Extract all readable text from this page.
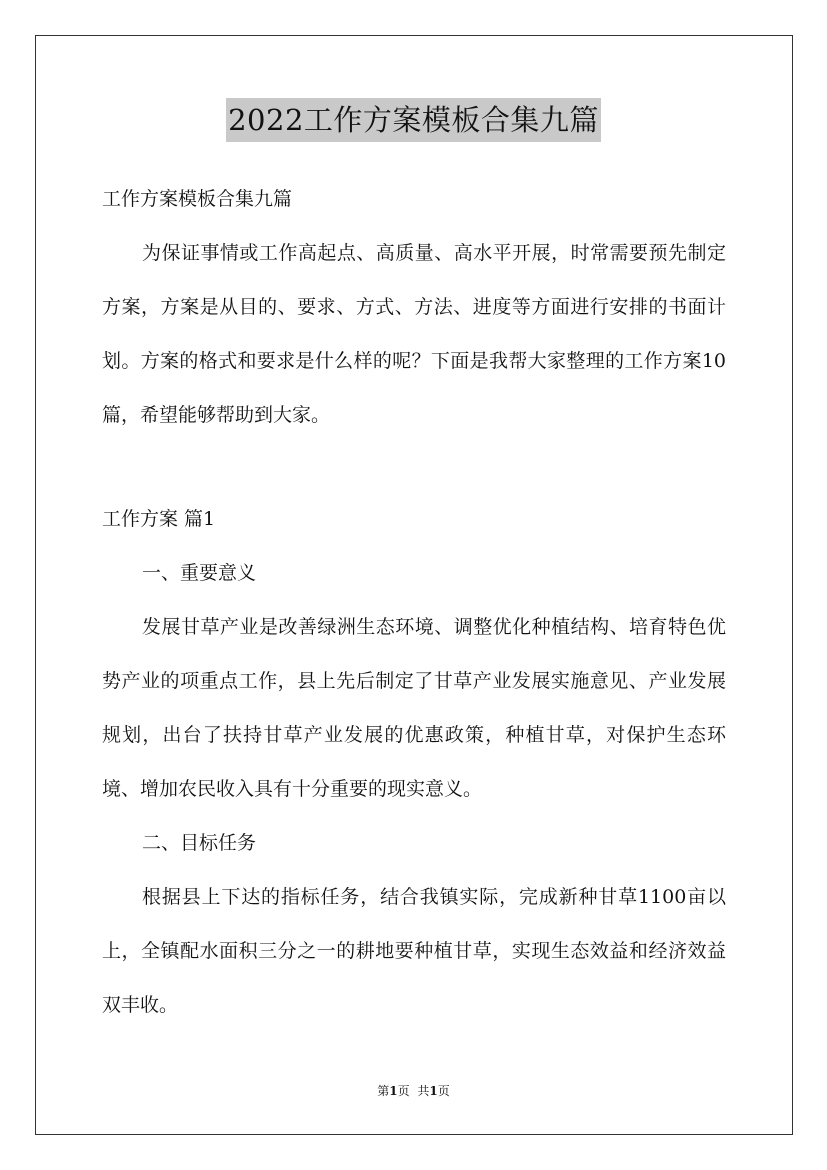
2022工作方案模板合集九篇

工作方案模板合集九篇

为保证事情或工作高起点、高质量、高水平开展，时常需要预先制定方案，方案是从目的、要求、方式、方法、进度等方面进行安排的书面计划。方案的格式和要求是什么样的呢？下面是我帮大家整理的工作方案10篇，希望能够帮助到大家。

工作方案 篇1

一、重要意义

发展甘草产业是改善绿洲生态环境、调整优化种植结构、培育特色优势产业的项重点工作，县上先后制定了甘草产业发展实施意见、产业发展规划，出台了扶持甘草产业发展的优惠政策，种植甘草，对保护生态环境、增加农民收入具有十分重要的现实意义。

二、目标任务

根据县上下达的指标任务，结合我镇实际，完成新种甘草1100亩以上，全镇配水面积三分之一的耕地要种植甘草，实现生态效益和经济效益双丰收。

第1页 共1页
